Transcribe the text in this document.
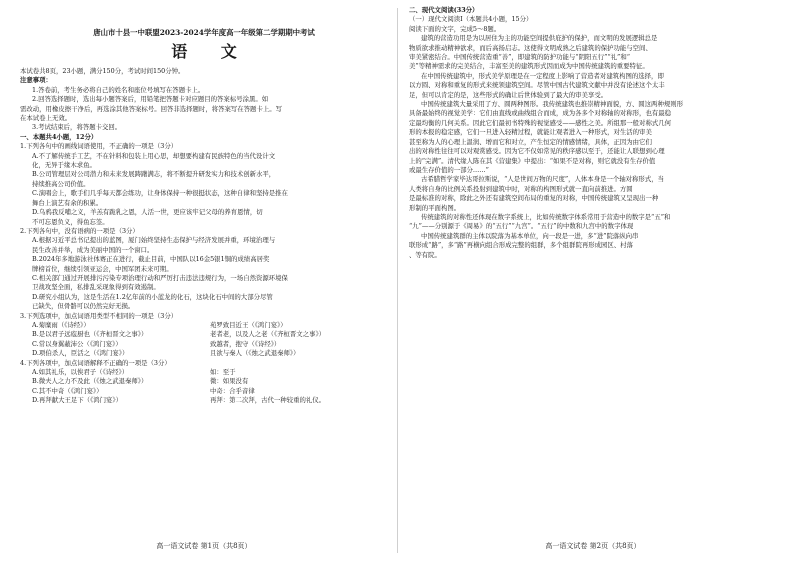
唐山市十县一中联盟2023-2024学年度高一年级第二学期期中考试
语 文
本试卷共8页，23小题，满分150分，考试时间150分钟。
注意事项：
1.答卷前，考生务必将自己的姓名和座位号填写在答题卡上。
2.回答选择题时，选出每小题答案后，用铅笔把答题卡对应题目的答案标号涂黑。如
需改动，用橡皮擦干净后，再选涂其他答案标号。回答非选择题时，将答案写在答题卡上。写
在本试卷上无效。
3.考试结束后，将答题卡交回。
一、本题共4小题，12分）
1.下列各句中的画线词语使用，不正确的一项是（3分）
A.不了解传统手工艺，不在针料和包装上用心思，却想要构建有民族特色的当代设计文
化，无异于缘木求鱼。
B.公司管理层对公司潜力和未来发展踌躇满志，将不断提升研发实力和技术创新水平，
持续推高公司价值。
C.演唱会上，歌手们几乎每天都会练功，让身体保持一种很挺状态，这种自律和坚持是推在
舞台上演艺有余的积累。
D.乌鸦我反哺之义，羊羔有跪乳之恩，人活一世，更应该牢记父母的养育恩情，切
不可忘恩负义，得鱼忘筌。
2.下列各句中，没有语病的一项是（3分）
A.根据习近平总书记提出的蓝图，厦门始终坚持生态保护与经济发展并重，环境治理与
民生改善并举，成为美丽中国的一个窗口。
B.2024年多地游泳社体赛正在进行，截止目前，中国队以16金5银1铜的成绩高居奖
牌榜首位，继续引领亚运会，中国军团未来可期。
C.相关部门通过开展排污污染专项治理行动和严厉打击违法违规行为，一场自然资源环境保
卫战攻坚全面，私排乱采现象得到有效遏制。
D.研究小组认为，这是生活在1.2亿年前的小蓝龙的化石，这块化石中间的大部分尽管
已缺失，但骨骼可以仍然完好无损。
3.下列选项中，加点词语用类型不相同的一项是（3分）
A.菊糜雨（《诗经》）	苑罗致目近王（《鸿门宴》）
B.是以君子远庖厨也（《齐桓晋文之事》）	老者老，以及人之老（《齐桓晋文之事》）
C.常以身翼蔽沛公（《鸿门宴》）	致越者，抱守（《诗经》）
D.项伯杀人，臣活之（《鸿门宴》）	且欲与秦人（《烛之武退秦师》）
4.下列各项中，加点词语解释不正确的一项是（3分）
A.如其礼乐，以俟君子（《诗经》）	如：至于
B.微夫人之力不及此（《烛之武退秦师》）	微：如果没有
C.其不中奇（《鸿门宴》）	中奇：合乎音律
D.再拜献大王足下（《鸿门宴》）	再拜：第二次拜，古代一种较重的礼仪。
高一语文试卷 第1页（共8页）
二、现代文阅读(33分）
（一）现代文阅读Ⅰ（本题共4小题，15分）
阅读下面的文字，完成5～8题。
建筑的营造功用是为以居住为主的功能空间提供庇护的保护，而文明的发展逻辑总是
物质欲求推动精神欲求，而后高扬启志。这使得文明成熟之后建筑的保护功能与空间、
审美紧密结合。中国传统营造重“善”，即建筑的防护功能与“阴阳五行”“礼”和“
美”等精神需求的完美结合，丰富至美的建筑形式因而成为中国传统建筑的重要特征。
在中国传统建筑中，形式美学原理是在一定程度上影响了营造者对建筑构图的选择，即
以方圆、对称和重复的形式来统领建筑空间。尽管中国古代建筑文献中并没有论述这个太丰
足，但可以肯定的是，这些形式的确让后世体验到了最大的审美享受。
中国传统建筑大量采用了方、圆两种图形。我传统建筑也推崇精神面貌，方、圆这两种规则形
具备最始终的视觉美学：它们由直线或曲线组合而成，成为各多个对称轴的对称形，也有最稳
定最均衡的几何关系。因此它们最初书特殊的视觉感受——感性之美。所组那一般对称式几何
形的本报的稳定感，它们一旦进入轻精过程，就能让观者进入一种形式，对生活的审美
甚至称为人的心理上温润、增而它和对立，产生恒定的情感情绪，具体，正因为由它们
出的对称性往往可以对观赏感受。因为它不仅如常见的秩序感以至于，还能让人联想到心理
上的“完满”。清代缘人陈在其《营建集》中提出：“如果不是对称，则它就没有生存价值
或最生存价值的一部分……”
古希腊哲学家毕达哥拉斯说，“人是世间万物的尺度”，人体本身是一个轴对称形式，当
人类将自身的比例关系投射到建筑中时，对称的构图形式就一直向前推进。方圆
是最标准的对称，除此之外还有建筑空间布局的重复的对称，中国传统建筑又呈现出一种
形制的平面构图。
传统建筑的对称性还体现在数字系统上，比如传统数字体系常用于营造中的数字是“五”和
“九”——分别源于《周易》的“五行”“九宫”。“五行”的中数和九宫中的数字体现
中国传统建筑群的主体以院落为基本单位，向一段是一进，多“进”院落纵向串
联形成“路”，多“路”再横向组合形成完整的组群，多个组群院再形成园区、村落
、等有院。
高一语文试卷 第2页（共8页）
